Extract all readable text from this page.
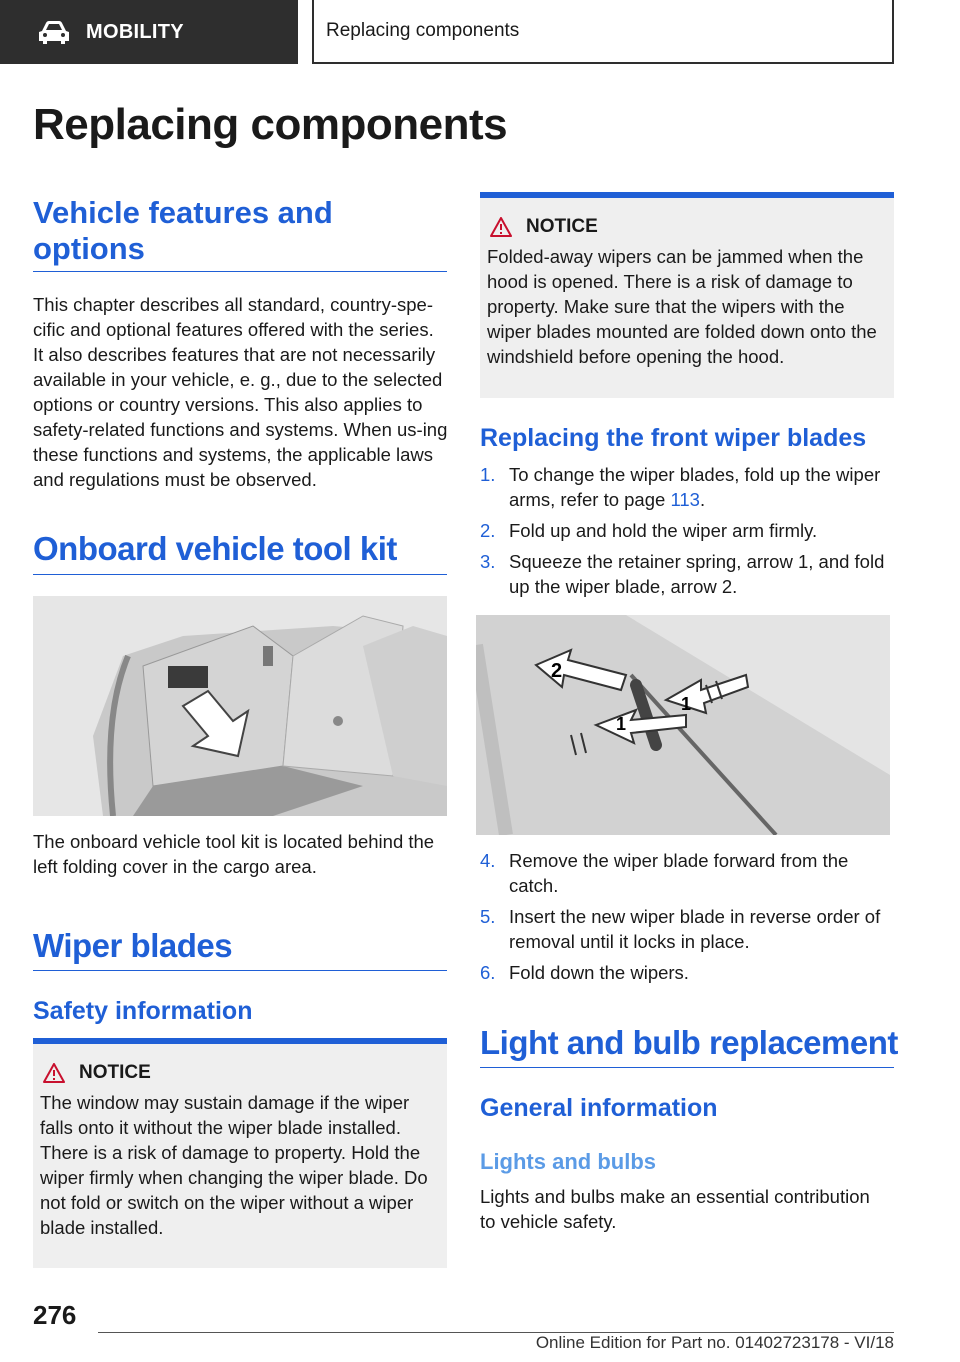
MOBILITY	Replacing components
Replacing components
Vehicle features and
options

This chapter describes all standard, country-spe-cific and optional features offered with the series. It also describes features that are not necessarily available in your vehicle, e. g., due to the selected options or country versions. This also applies to safety-related functions and systems. When us-ing these functions and systems, the applicable laws and regulations must be observed.

Onboard vehicle tool kit

The onboard vehicle tool kit is located behind the left folding cover in the cargo area.

Wiper blades
Safety information
NOTICE

The window may sustain damage if the wiper falls onto it without the wiper blade installed. There is a risk of damage to property. Hold the wiper firmly when changing the wiper blade. Do not fold or switch on the wiper without a wiper blade installed.

NOTICE

Folded-away wipers can be jammed when the hood is opened. There is a risk of damage to property. Make sure that the wipers with the wiper blades mounted are folded down onto the windshield before opening the hood.

Replacing the front wiper blades
1. To change the wiper blades, fold up the wiper arms, refer to page 113.
2. Fold up and hold the wiper arm firmly.
3. Squeeze the retainer spring, arrow 1, and fold up the wiper blade, arrow 2.
2
1
1
4. Remove the wiper blade forward from the catch.
5. Insert the new wiper blade in reverse order of removal until it locks in place.
6. Fold down the wipers.
Light and bulb replacement
General information
Lights and bulbs

Lights and bulbs make an essential contribution to vehicle safety.

276
Online Edition for Part no. 01402723178 - VI/18
